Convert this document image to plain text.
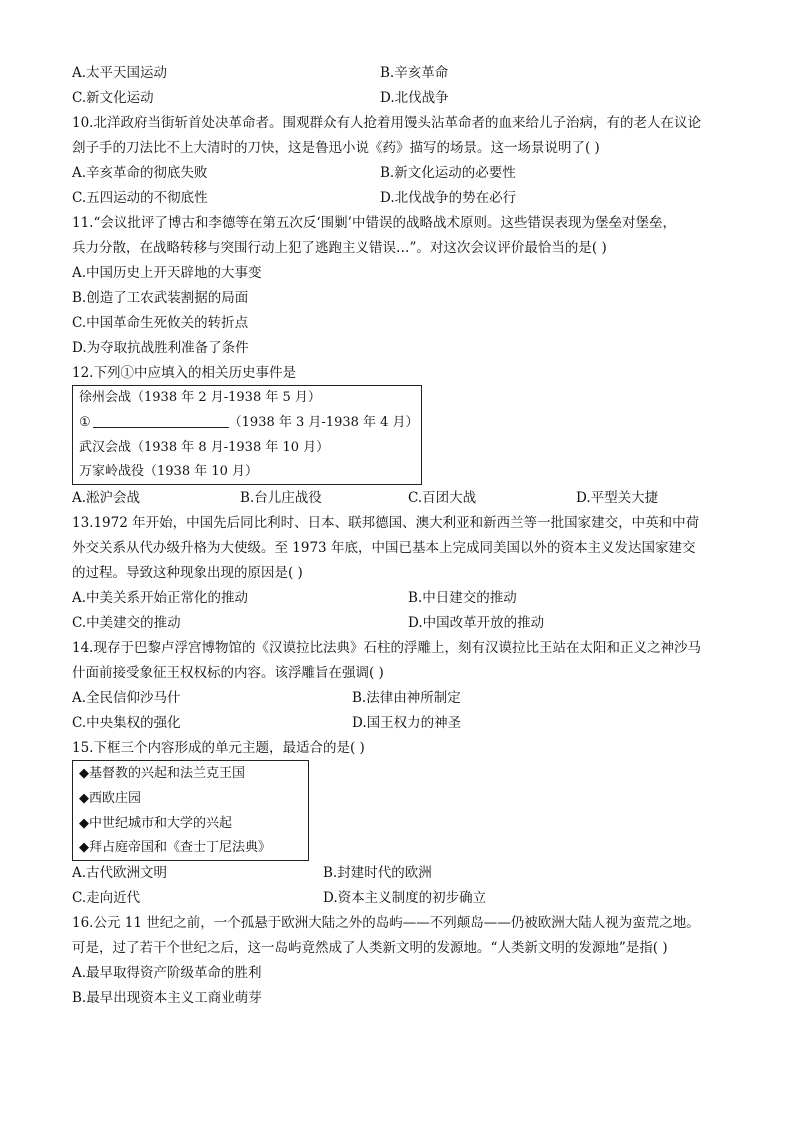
A.太平天国运动	B.辛亥革命
C.新文化运动	D.北伐战争
10.北洋政府当街斩首处决革命者。围观群众有人抢着用馒头沾革命者的血来给儿子治病，有的老人在议论
刽子手的刀法比不上大清时的刀快，这是鲁迅小说《药》描写的场景。这一场景说明了( )
A.辛亥革命的彻底失败	B.新文化运动的必要性
C.五四运动的不彻底性	D.北伐战争的势在必行
11.“会议批评了博古和李德等在第五次反‘围剿’中错误的战略战术原则。这些错误表现为堡垒对堡垒，
兵力分散，在战略转移与突围行动上犯了逃跑主义错误…”。对这次会议评价最恰当的是( )
A.中国历史上开天辟地的大事变
B.创造了工农武装割据的局面
C.中国革命生死攸关的转折点
D.为夺取抗战胜利准备了条件
12.下列①中应填入的相关历史事件是
徐州会战（1938 年 2 月-1938 年 5 月）
①	（1938 年 3 月-1938 年 4 月）
武汉会战（1938 年 8 月-1938 年 10 月）
万家岭战役（1938 年 10 月）
A.淞沪会战	B.台儿庄战役	C.百团大战	D.平型关大捷
13.1972 年开始，中国先后同比利时、日本、联邦德国、澳大利亚和新西兰等一批国家建交，中英和中荷
外交关系从代办级升格为大使级。至 1973 年底，中国已基本上完成同美国以外的资本主义发达国家建交
的过程。导致这种现象出现的原因是( )
A.中美关系开始正常化的推动	B.中日建交的推动
C.中美建交的推动	D.中国改革开放的推动
14.现存于巴黎卢浮宫博物馆的《汉谟拉比法典》石柱的浮雕上，刻有汉谟拉比王站在太阳和正义之神沙马
什面前接受象征王权权标的内容。该浮雕旨在强调( )
A.全民信仰沙马什	B.法律由神所制定
C.中央集权的强化	D.国王权力的神圣
15.下框三个内容形成的单元主题，最适合的是( )
◆基督教的兴起和法兰克王国
◆西欧庄园
◆中世纪城市和大学的兴起
◆拜占庭帝国和《查士丁尼法典》
A.古代欧洲文明	B.封建时代的欧洲
C.走向近代	D.资本主义制度的初步确立
16.公元 11 世纪之前，一个孤悬于欧洲大陆之外的岛屿——不列颠岛——仍被欧洲大陆人视为蛮荒之地。
可是，过了若干个世纪之后，这一岛屿竟然成了人类新文明的发源地。“人类新文明的发源地”是指( )
A.最早取得资产阶级革命的胜利
B.最早出现资本主义工商业萌芽
